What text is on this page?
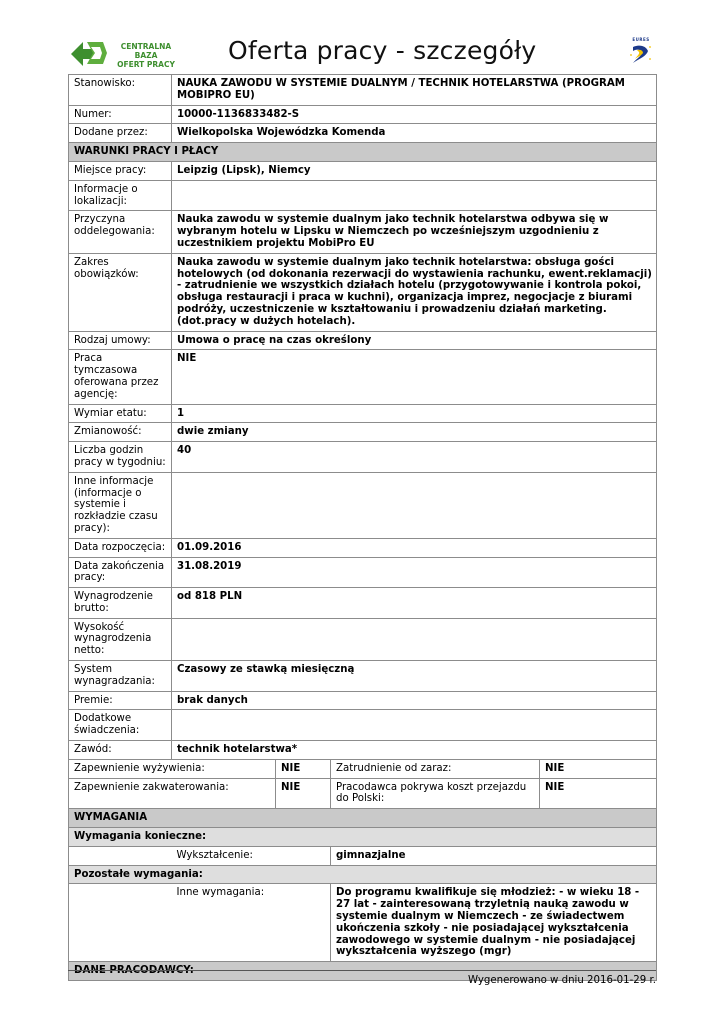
CENTRALNA BAZA
OFERT PRACY	Oferta pracy - szczegóły	EURES
Stanowisko:	NAUKA ZAWODU W SYSTEMIE DUALNYM / TECHNIK HOTELARSTWA (PROGRAM MOBIPRO EU)			
Numer:	10000-1136833482-S			
Dodane przez:	Wielkopolska Wojewódzka Komenda			
WARUNKI PRACY I PŁACY				
Miejsce pracy:	Leipzig (Lipsk), Niemcy			
Informacje o lokalizacji:				
Przyczyna oddelegowania:	Nauka zawodu w systemie dualnym jako technik hotelarstwa odbywa się w wybranym hotelu w Lipsku w Niemczech po wcześniejszym uzgodnieniu z uczestnikiem projektu MobiPro EU			
Zakres obowiązków:	Nauka zawodu w systemie dualnym jako technik hotelarstwa: obsługa gości hotelowych (od dokonania rezerwacji do wystawienia rachunku, ewent.reklamacji)
- zatrudnienie we wszystkich działach hotelu (przygotowywanie i kontrola pokoi, obsługa restauracji i praca w kuchni), organizacja imprez, negocjacje z biurami podróży, uczestniczenie w kształtowaniu i prowadzeniu działań marketing. (dot.pracy w dużych hotelach).			
Rodzaj umowy:	Umowa o pracę na czas określony			
Praca tymczasowa oferowana przez agencję:	NIE			
Wymiar etatu:	1			
Zmianowość:	dwie zmiany			
Liczba godzin pracy w tygodniu:	40			
Inne informacje (informacje o systemie i rozkładzie czasu pracy):				
Data rozpoczęcia:	01.09.2016			
Data zakończenia pracy:	31.08.2019			
Wynagrodzenie brutto:	od 818 PLN			
Wysokość wynagrodzenia netto:				
System wynagradzania:	Czasowy ze stawką miesięczną			
Premie:	brak danych			
Dodatkowe świadczenia:				
Zawód:	technik hotelarstwa*			
Zapewnienie wyżywienia:		NIE	Zatrudnienie od zaraz:	NIE
Zapewnienie zakwaterowania:		NIE	Pracodawca pokrywa koszt przejazdu do Polski:	NIE
WYMAGANIA				
Wymagania konieczne:				
	Wykształcenie:		gimnazjalne	
Pozostałe wymagania:				
	Inne wymagania:		Do programu kwalifikuje się młodzież: - w wieku 18 - 27 lat - zainteresowaną trzyletnią nauką zawodu w systemie dualnym w Niemczech - ze świadectwem ukończenia szkoły - nie posiadającej wykształcenia zawodowego w systemie dualnym - nie posiadającej wykształcenia wyższego (mgr)	
DANE PRACODAWCY:				
Wygenerowano w dniu 2016-01-29 r.
